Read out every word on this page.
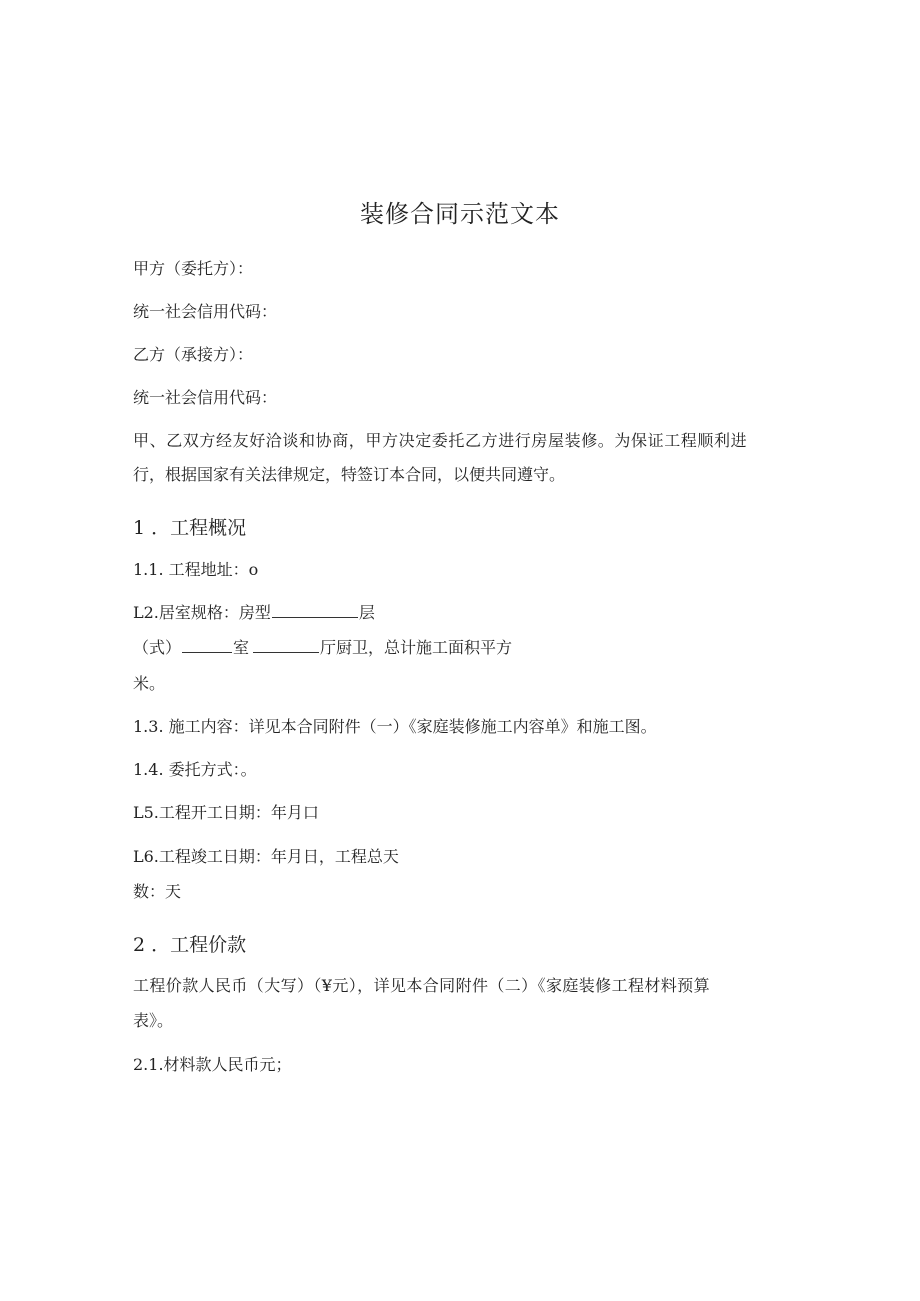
装修合同示范文本
甲方（委托方）：
统一社会信用代码：
乙方（承接方）：
统一社会信用代码：
甲、乙双方经友好洽谈和协商，甲方决定委托乙方进行房屋装修。为保证工程顺利进
行，根据国家有关法律规定，特签订本合同，以便共同遵守。
1 ．工程概况
1.1. 工程地址：o
L2.居室规格：房型	层
（式）	室	厅厨卫，总计施工面积平方
米。
1.3. 施工内容：详见本合同附件（一）《家庭装修施工内容单》和施工图。
1.4. 委托方式：。
L5.工程开工日期：年月口
L6.工程竣工日期：年月日，工程总天
数：天
2 ．工程价款
工程价款人民币（大写）（¥元），详见本合同附件（二）《家庭装修工程材料预算
表》。
2.1.材料款人民币元；
